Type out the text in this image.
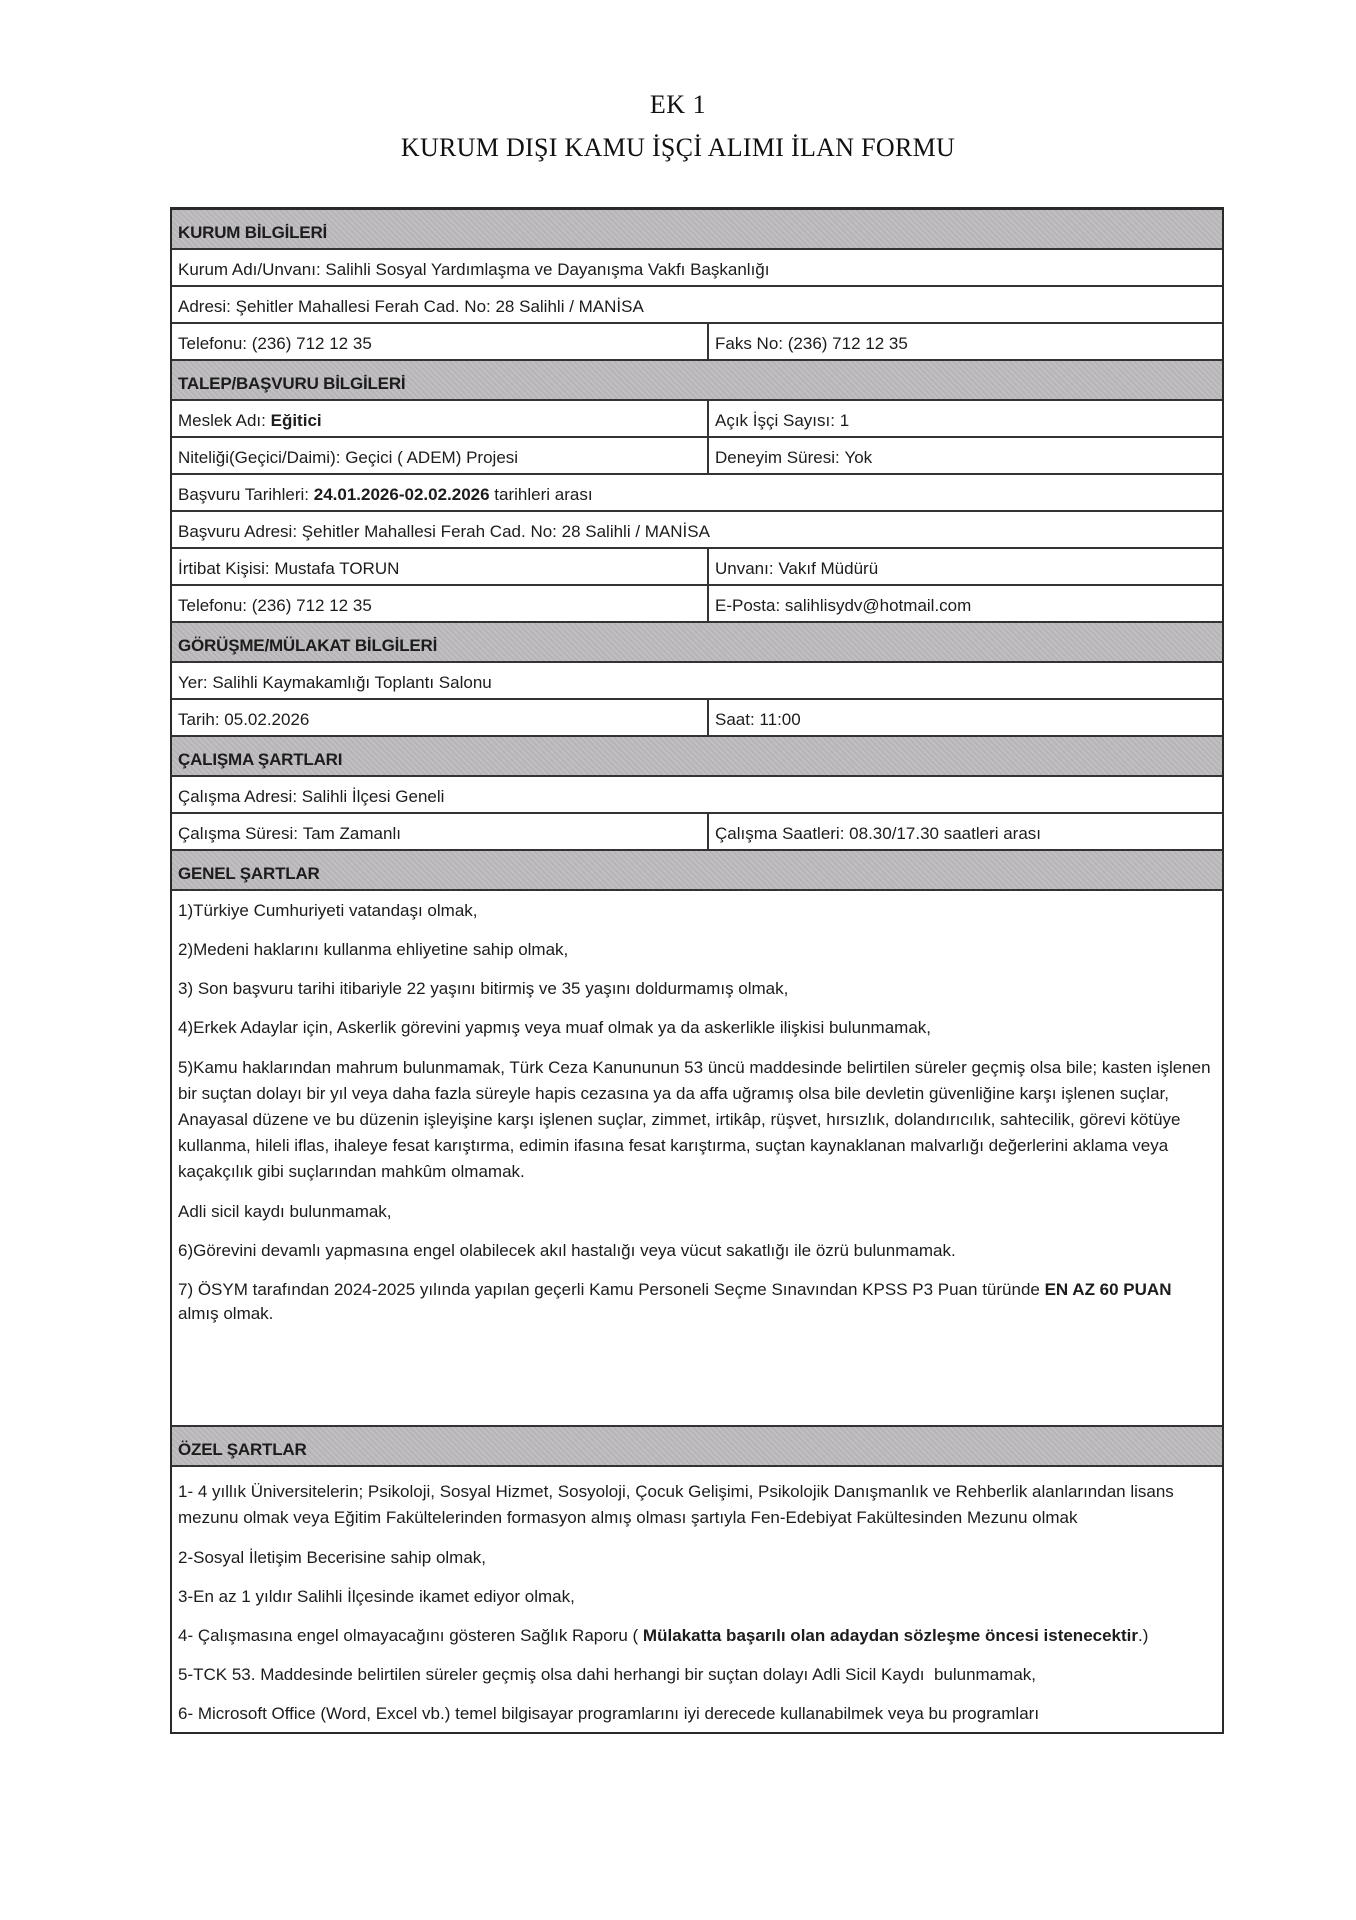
EK 1
KURUM DIŞI KAMU İŞÇİ ALIMI İLAN FORMU
KURUM BİLGİLERİ
Kurum Adı/Unvanı: Salihli Sosyal Yardımlaşma ve Dayanışma Vakfı Başkanlığı
Adresi: Şehitler Mahallesi Ferah Cad. No: 28 Salihli / MANİSA
Telefonu: (236) 712 12 35	Faks No: (236) 712 12 35
TALEP/BAŞVURU BİLGİLERİ
Meslek Adı: Eğitici	Açık İşçi Sayısı: 1
Niteliği(Geçici/Daimi): Geçici ( ADEM) Projesi	Deneyim Süresi: Yok
Başvuru Tarihleri: 24.01.2026-02.02.2026 tarihleri arası
Başvuru Adresi: Şehitler Mahallesi Ferah Cad. No: 28 Salihli / MANİSA
İrtibat Kişisi: Mustafa TORUN	Unvanı: Vakıf Müdürü
Telefonu: (236) 712 12 35	E-Posta: salihlisydv@hotmail.com
GÖRÜŞME/MÜLAKAT BİLGİLERİ
Yer: Salihli Kaymakamlığı Toplantı Salonu
Tarih: 05.02.2026	Saat: 11:00
ÇALIŞMA ŞARTLARI
Çalışma Adresi: Salihli İlçesi Geneli
Çalışma Süresi: Tam Zamanlı	Çalışma Saatleri: 08.30/17.30 saatleri arası
GENEL ŞARTLAR
1)Türkiye Cumhuriyeti vatandaşı olmak,
2)Medeni haklarını kullanma ehliyetine sahip olmak,
3) Son başvuru tarihi itibariyle 22 yaşını bitirmiş ve 35 yaşını doldurmamış olmak,
4)Erkek Adaylar için, Askerlik görevini yapmış veya muaf olmak ya da askerlikle ilişkisi bulunmamak,
5)Kamu haklarından mahrum bulunmamak, Türk Ceza Kanununun 53 üncü maddesinde belirtilen süreler geçmiş olsa bile; kasten işlenen bir suçtan dolayı bir yıl veya daha fazla süreyle hapis cezasına ya da affa uğramış olsa bile devletin güvenliğine karşı işlenen suçlar, Anayasal düzene ve bu düzenin işleyişine karşı işlenen suçlar, zimmet, irtikâp, rüşvet, hırsızlık, dolandırıcılık, sahtecilik, görevi kötüye kullanma, hileli iflas, ihaleye fesat karıştırma, edimin ifasına fesat karıştırma, suçtan kaynaklanan malvarlığı değerlerini aklama veya kaçakçılık gibi suçlarından mahkûm olmamak.
Adli sicil kaydı bulunmamak,
6)Görevini devamlı yapmasına engel olabilecek akıl hastalığı veya vücut sakatlığı ile özrü bulunmamak.
7) ÖSYM tarafından 2024-2025 yılında yapılan geçerli Kamu Personeli Seçme Sınavından KPSS P3 Puan türünde EN AZ 60 PUAN almış olmak.
ÖZEL ŞARTLAR
1- 4 yıllık Üniversitelerin; Psikoloji, Sosyal Hizmet, Sosyoloji, Çocuk Gelişimi, Psikolojik Danışmanlık ve Rehberlik alanlarından lisans mezunu olmak veya Eğitim Fakültelerinden formasyon almış olması şartıyla Fen-Edebiyat Fakültesinden Mezunu olmak
2-Sosyal İletişim Becerisine sahip olmak,
3-En az 1 yıldır Salihli İlçesinde ikamet ediyor olmak,
4- Çalışmasına engel olmayacağını gösteren Sağlık Raporu ( Mülakatta başarılı olan adaydan sözleşme öncesi istenecektir.)
5-TCK 53. Maddesinde belirtilen süreler geçmiş olsa dahi herhangi bir suçtan dolayı Adli Sicil Kaydı  bulunmamak,
6- Microsoft Office (Word, Excel vb.) temel bilgisayar programlarını iyi derecede kullanabilmek veya bu programları
